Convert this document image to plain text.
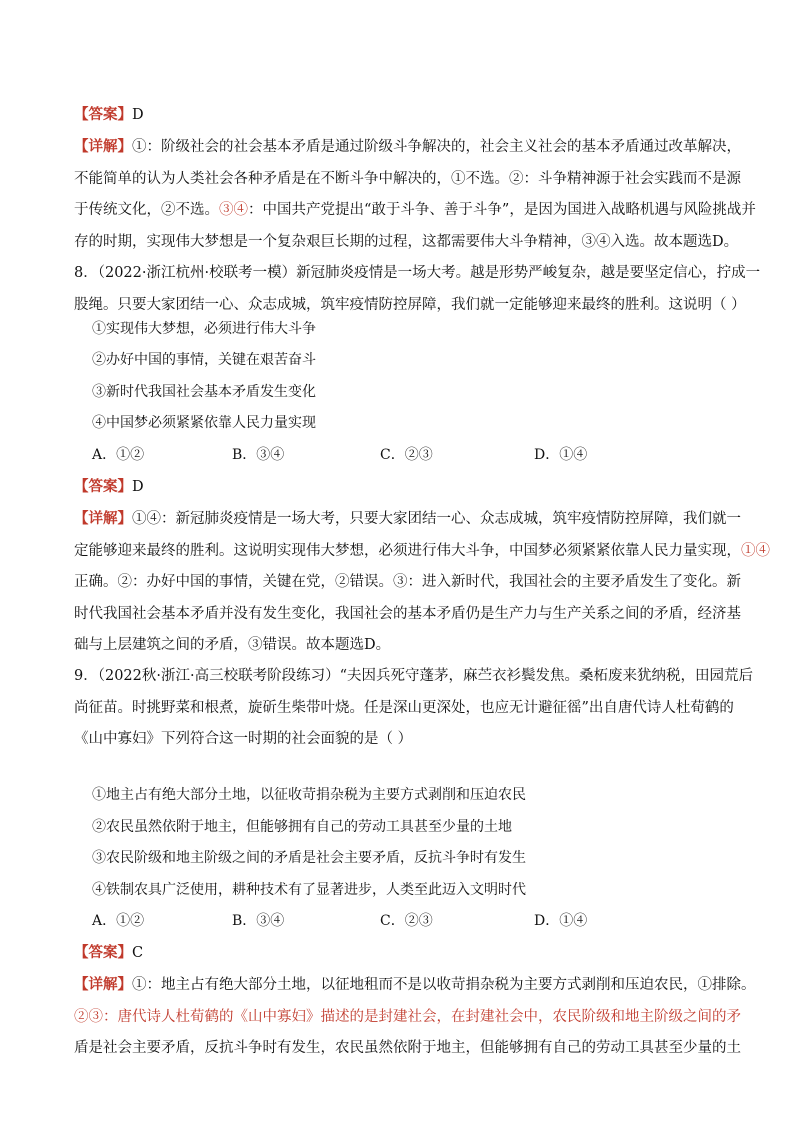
【答案】D
【详解】①：阶级社会的社会基本矛盾是通过阶级斗争解决的，社会主义社会的基本矛盾通过改革解决，
不能简单的认为人类社会各种矛盾是在不断斗争中解决的，①不选。②：斗争精神源于社会实践而不是源
于传统文化，②不选。③④：中国共产党提出“敢于斗争、善于斗争”，是因为国进入战略机遇与风险挑战并
存的时期，实现伟大梦想是一个复杂艰巨长期的过程，这都需要伟大斗争精神，③④入选。故本题选D。
8．（2022·浙江杭州·校联考一模）新冠肺炎疫情是一场大考。越是形势严峻复杂，越是要坚定信心，拧成一
股绳。只要大家团结一心、众志成城，筑牢疫情防控屏障，我们就一定能够迎来最终的胜利。这说明（ ）
①实现伟大梦想，必须进行伟大斗争
②办好中国的事情，关键在艰苦奋斗
③新时代我国社会基本矛盾发生变化
④中国梦必须紧紧依靠人民力量实现
A．①②	B．③④	C．②③	D．①④
【答案】D
【详解】①④：新冠肺炎疫情是一场大考，只要大家团结一心、众志成城，筑牢疫情防控屏障，我们就一
定能够迎来最终的胜利。这说明实现伟大梦想，必须进行伟大斗争，中国梦必须紧紧依靠人民力量实现，①④
正确。②：办好中国的事情，关键在党，②错误。③：进入新时代，我国社会的主要矛盾发生了变化。新
时代我国社会基本矛盾并没有发生变化，我国社会的基本矛盾仍是生产力与生产关系之间的矛盾，经济基
础与上层建筑之间的矛盾，③错误。故本题选D。
9．（2022秋·浙江·高三校联考阶段练习）“夫因兵死守蓬茅，麻苎衣衫鬓发焦。桑柘废来犹纳税，田园荒后
尚征苗。时挑野菜和根煮，旋斫生柴带叶烧。任是深山更深处，也应无计避征徭”出自唐代诗人杜荀鹤的
《山中寡妇》下列符合这一时期的社会面貌的是（ ）
①地主占有绝大部分土地，以征收苛捐杂税为主要方式剥削和压迫农民
②农民虽然依附于地主，但能够拥有自己的劳动工具甚至少量的土地
③农民阶级和地主阶级之间的矛盾是社会主要矛盾，反抗斗争时有发生
④铁制农具广泛使用，耕种技术有了显著进步，人类至此迈入文明时代
A．①②	B．③④	C．②③	D．①④
【答案】C
【详解】①：地主占有绝大部分土地，以征地租而不是以收苛捐杂税为主要方式剥削和压迫农民，①排除。
②③：唐代诗人杜荀鹤的《山中寡妇》描述的是封建社会，在封建社会中，农民阶级和地主阶级之间的矛
盾是社会主要矛盾，反抗斗争时有发生，农民虽然依附于地主，但能够拥有自己的劳动工具甚至少量的土
